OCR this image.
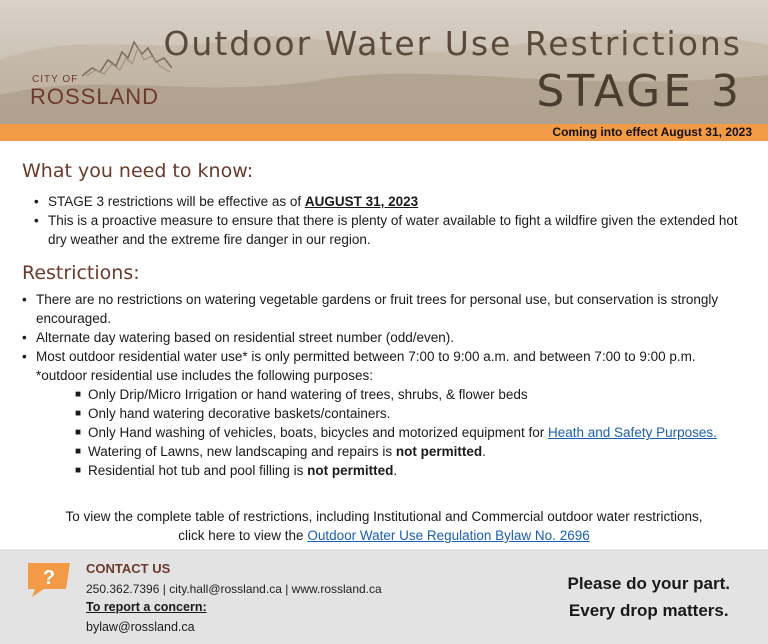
CITY OF
ROSSLAND
Outdoor Water Use Restrictions
STAGE 3
Coming into effect August 31, 2023
What you need to know:
• STAGE 3 restrictions will be effective as of AUGUST 31, 2023
• This is a proactive measure to ensure that there is plenty of water available to fight a wildfire given the extended hot dry weather and the extreme fire danger in our region.
Restrictions:
• There are no restrictions on watering vegetable gardens or fruit trees for personal use, but conservation is strongly encouraged.
• Alternate day watering based on residential street number (odd/even).
• Most outdoor residential water use* is only permitted between 7:00 to 9:00 a.m. and between 7:00 to 9:00 p.m.
*outdoor residential use includes the following purposes:
■ Only Drip/Micro Irrigation or hand watering of trees, shrubs, & flower beds
■ Only hand watering decorative baskets/containers.
■ Only Hand washing of vehicles, boats, bicycles and motorized equipment for Heath and Safety Purposes.
■ Watering of Lawns, new landscaping and repairs is not permitted.
■ Residential hot tub and pool filling is not permitted.
To view the complete table of restrictions, including Institutional and Commercial outdoor water restrictions,
click here to view the Outdoor Water Use Regulation Bylaw No. 2696
? CONTACT US
250.362.7396 | city.hall@rossland.ca | www.rossland.ca
To report a concern:
bylaw@rossland.ca
Please do your part.
Every drop matters.
